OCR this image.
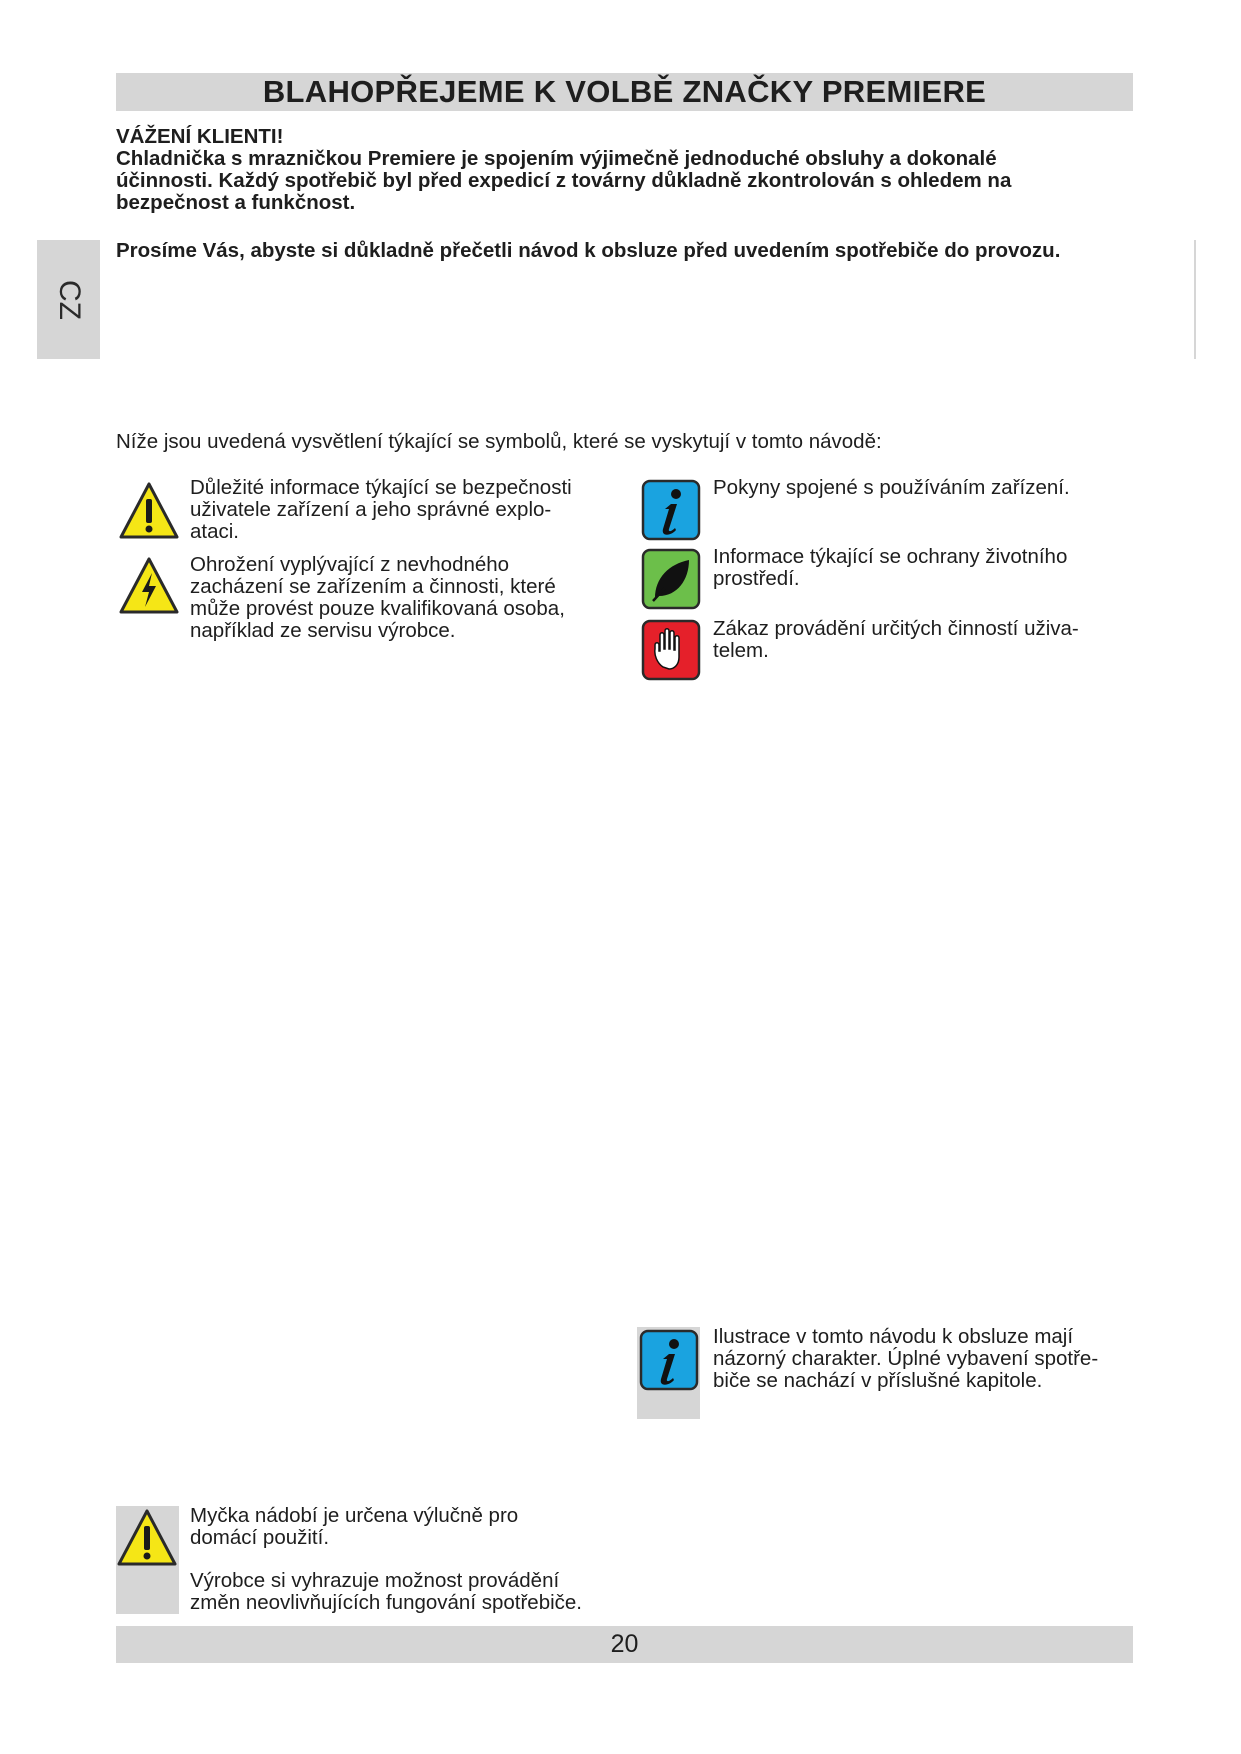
BLAHOPŘEJEME K VOLBĚ ZNAČKY PREMIERE
VÁŽENÍ KLIENTI!
Chladnička s mrazničkou Premiere je spojením výjimečně jednoduché obsluhy a dokonalé
účinnosti. Každý spotřebič byl před expedicí z továrny důkladně zkontrolován s ohledem na
bezpečnost a funkčnost.
Prosíme Vás, abyste si důkladně přečetli návod k obsluze před uvedením spotřebiče do provozu.
CZ
Níže jsou uvedená vysvětlení týkající se symbolů, které se vyskytují v tomto návodě:
Důležité informace týkající se bezpečnosti
uživatele zařízení a jeho správné explo-
ataci.
Ohrožení vyplývající z nevhodného
zacházení se zařízením a činnosti, které
může provést pouze kvalifikovaná osoba,
například ze servisu výrobce.
Pokyny spojené s používáním zařízení.
Informace týkající se ochrany životního
prostředí.
Zákaz provádění určitých činností uživa-
telem.
Ilustrace v tomto návodu k obsluze mají
názorný charakter. Úplné vybavení spotře-
biče se nachází v příslušné kapitole.
Myčka nádobí je určena výlučně pro
domácí použití.
Výrobce si vyhrazuje možnost provádění
změn neovlivňujících fungování spotřebiče.
20
